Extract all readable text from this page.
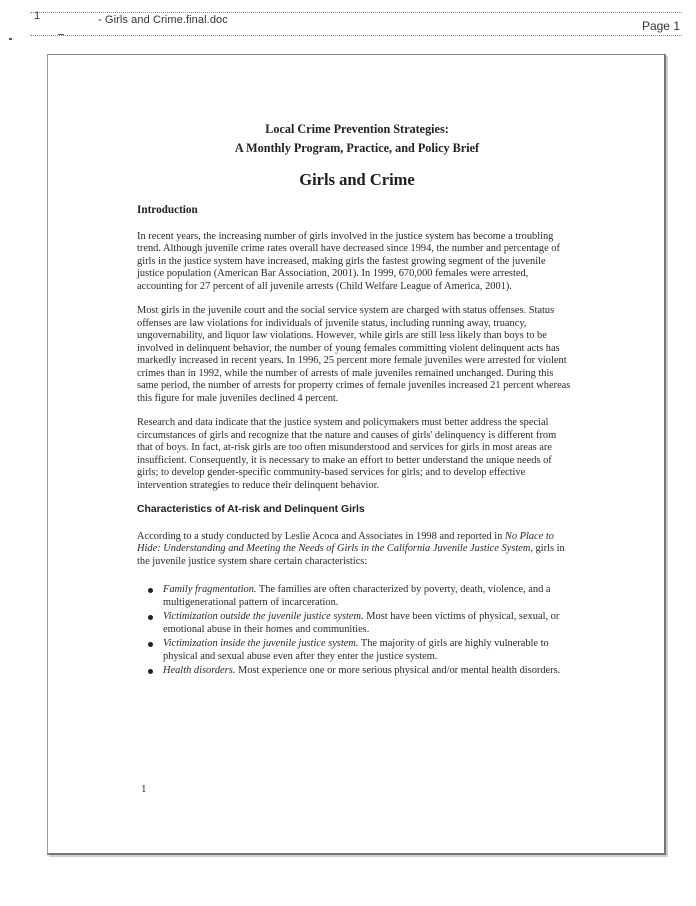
1	- Girls and Crime.final.doc	Page 1
Local Crime Prevention Strategies:
A Monthly Program, Practice, and Policy Brief
Girls and Crime
Introduction

In recent years, the increasing number of girls involved in the justice system has become a troubling trend. Although juvenile crime rates overall have decreased since 1994, the number and percentage of girls in the justice system have increased, making girls the fastest growing segment of the juvenile justice population (American Bar Association, 2001). In 1999, 670,000 females were arrested, accounting for 27 percent of all juvenile arrests (Child Welfare League of America, 2001).

Most girls in the juvenile court and the social service system are charged with status offenses. Status offenses are law violations for individuals of juvenile status, including running away, truancy, ungovernability, and liquor law violations. However, while girls are still less likely than boys to be involved in delinquent behavior, the number of young females committing violent delinquent acts has markedly increased in recent years. In 1996, 25 percent more female juveniles were arrested for violent crimes than in 1992, while the number of arrests of male juveniles remained unchanged. During this same period, the number of arrests for property crimes of female juveniles increased 21 percent whereas this figure for male juveniles declined 4 percent.

Research and data indicate that the justice system and policymakers must better address the special circumstances of girls and recognize that the nature and causes of girls' delinquency is different from that of boys. In fact, at-risk girls are too often misunderstood and services for girls in most areas are insufficient. Consequently, it is necessary to make an effort to better understand the unique needs of girls; to develop gender-specific community-based services for girls; and to develop effective intervention strategies to reduce their delinquent behavior.

Characteristics of At-risk and Delinquent Girls

According to a study conducted by Leslie Acoca and Associates in 1998 and reported in No Place to Hide: Understanding and Meeting the Needs of Girls in the California Juvenile Justice System, girls in the juvenile justice system share certain characteristics:

Family fragmentation. The families are often characterized by poverty, death, violence, and a multigenerational pattern of incarceration.
Victimization outside the juvenile justice system. Most have been victims of physical, sexual, or emotional abuse in their homes and communities.
Victimization inside the juvenile justice system. The majority of girls are highly vulnerable to physical and sexual abuse even after they enter the justice system.
Health disorders. Most experience one or more serious physical and/or mental health disorders.
1
